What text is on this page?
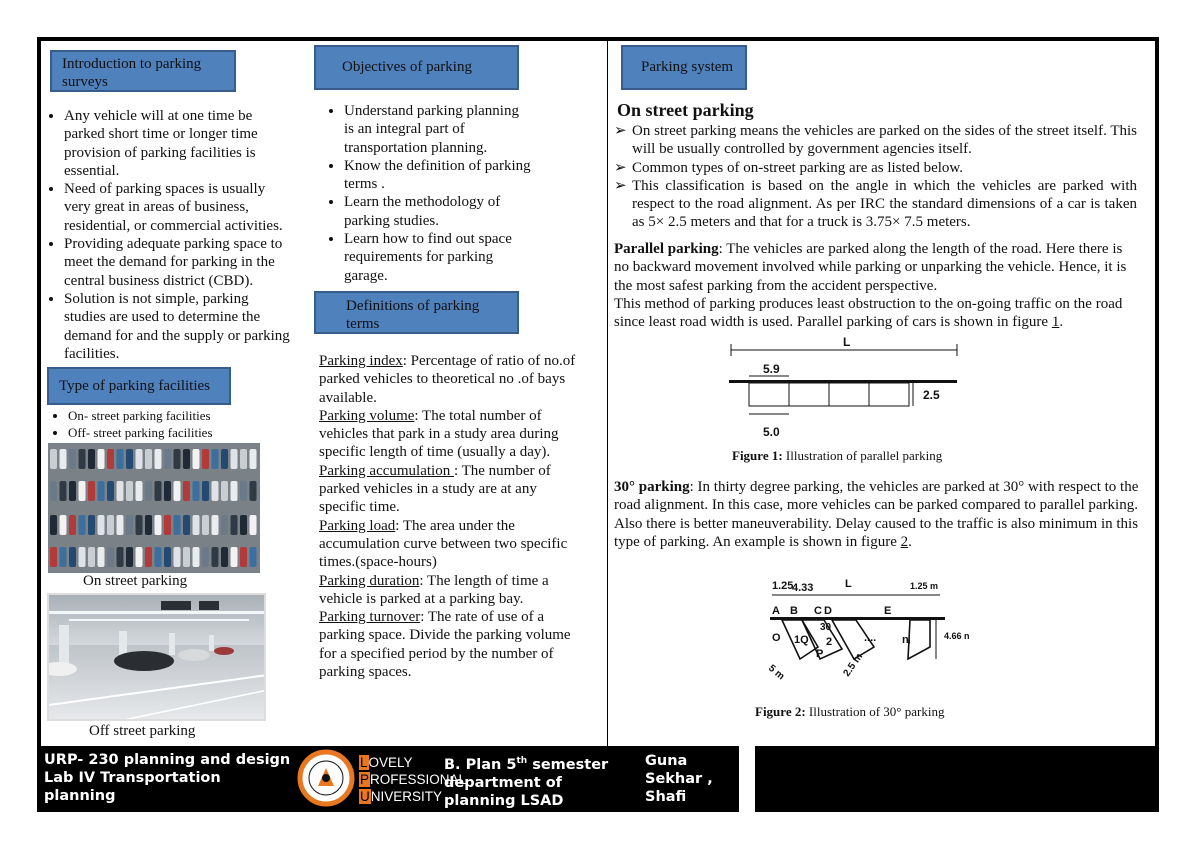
Introduction to parking surveys
• Any vehicle will at one time be parked short time or longer time provision of parking facilities is essential.
• Need of parking spaces is usually very great in areas of business, residential, or commercial activities.
• Providing adequate parking space to meet the demand for parking in the central business district (CBD).
• Solution is not simple, parking studies are used to determine the demand for and the supply or parking facilities.
Type of parking facilities
• On- street parking facilities
• Off- street parking facilities
On street parking
Off street parking
Objectives of parking
• Understand parking planning is an integral part of transportation planning.
• Know the definition of parking terms .
• Learn the methodology of parking studies.
• Learn how to find out space requirements for parking garage.
Definitions of parking terms
Parking index: Percentage of ratio of no.of parked vehicles to theoretical no .of bays available.
Parking volume: The total number of vehicles that park in a study area during specific length of time (usually a day).
Parking accumulation : The number of parked vehicles in a study are at any specific time.
Parking load: The area under the accumulation curve between two specific times.(space-hours)
Parking duration: The length of time a vehicle is parked at a parking bay.
Parking turnover: The rate of use of a parking space. Divide the parking volume for a specified period by the number of parking spaces.
Parking system
On street parking
➢ On street parking means the vehicles are parked on the sides of the street itself. This will be usually controlled by government agencies itself.
➢ Common types of on-street parking are as listed below.
➢ This classification is based on the angle in which the vehicles are parked with respect to the road alignment. As per IRC the standard dimensions of a car is taken as 5× 2.5 meters and that for a truck is 3.75× 7.5 meters.
Parallel parking: The vehicles are parked along the length of the road. Here there is no backward movement involved while parking or unparking the vehicle. Hence, it is the most safest parking from the accident perspective.
This method of parking produces least obstruction to the on-going traffic on the road since least road width is used. Parallel parking of cars is shown in figure 1.
L
5.9
2.5
5.0
Figure 1: Illustration of parallel parking
30° parking: In thirty degree parking, the vehicles are parked at 30° with respect to the road alignment. In this case, more vehicles can be parked compared to parallel parking. Also there is better maneuverability. Delay caused to the traffic is also minimum in this type of parking. An example is shown in figure 2.
1.25
4.33	L	1.25 m
A B C D	E
O 1Q
30
2
P
.... nᵢ	4.66 n
5 m	2.5 m
Figure 2: Illustration of 30° parking
URP- 230 planning and design
Lab IV Transportation
planning
LOVELY
PROFESSIONAL
UNIVERSITY
B. Plan 5th semester
department of
planning LSAD
Guna
Sekhar ,
Shafi
